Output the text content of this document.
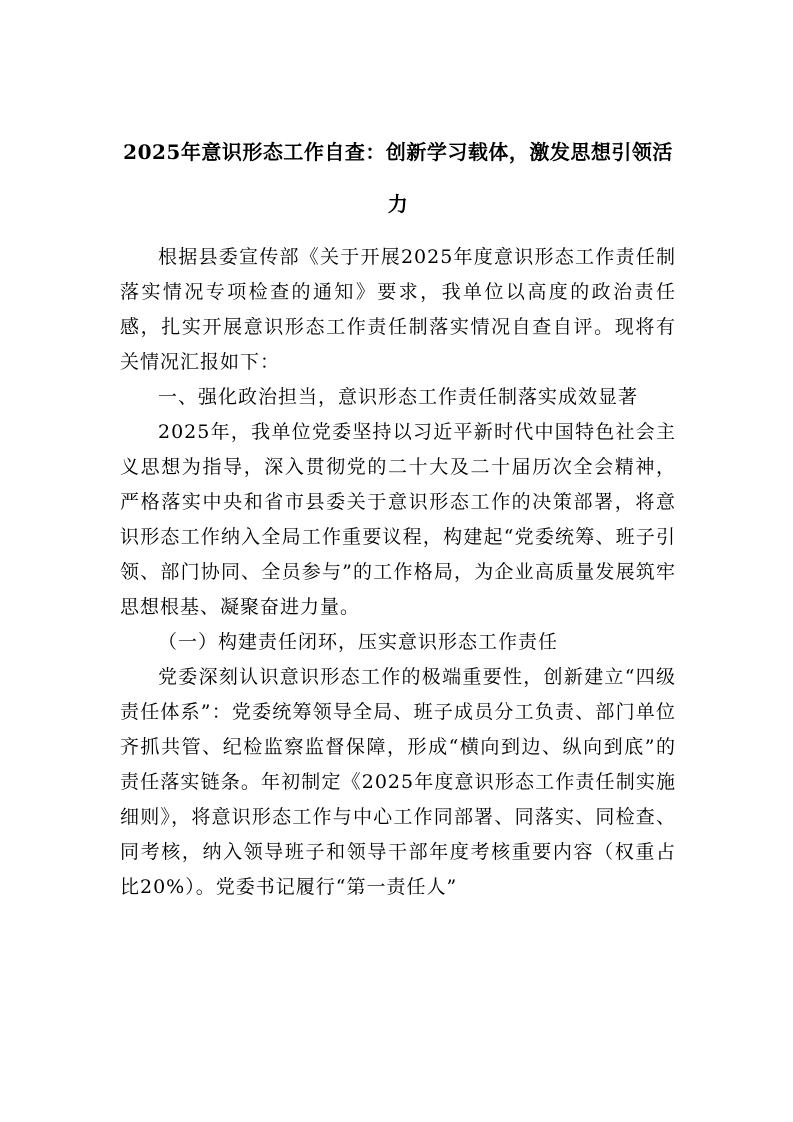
2025年意识形态工作自查：创新学习载体，激发思想引领活力

根据县委宣传部《关于开展2025年度意识形态工作责任制落实情况专项检查的通知》要求，我单位以高度的政治责任感，扎实开展意识形态工作责任制落实情况自查自评。现将有关情况汇报如下：

一、强化政治担当，意识形态工作责任制落实成效显著

2025年，我单位党委坚持以习近平新时代中国特色社会主义思想为指导，深入贯彻党的二十大及二十届历次全会精神，严格落实中央和省市县委关于意识形态工作的决策部署，将意识形态工作纳入全局工作重要议程，构建起“党委统筹、班子引领、部门协同、全员参与”的工作格局，为企业高质量发展筑牢思想根基、凝聚奋进力量。

（一）构建责任闭环，压实意识形态工作责任

党委深刻认识意识形态工作的极端重要性，创新建立“四级责任体系”：党委统筹领导全局、班子成员分工负责、部门单位齐抓共管、纪检监察监督保障，形成“横向到边、纵向到底”的责任落实链条。年初制定《2025年度意识形态工作责任制实施细则》，将意识形态工作与中心工作同部署、同落实、同检查、同考核，纳入领导班子和领导干部年度考核重要内容（权重占比20%）。党委书记履行“第一责任人”
